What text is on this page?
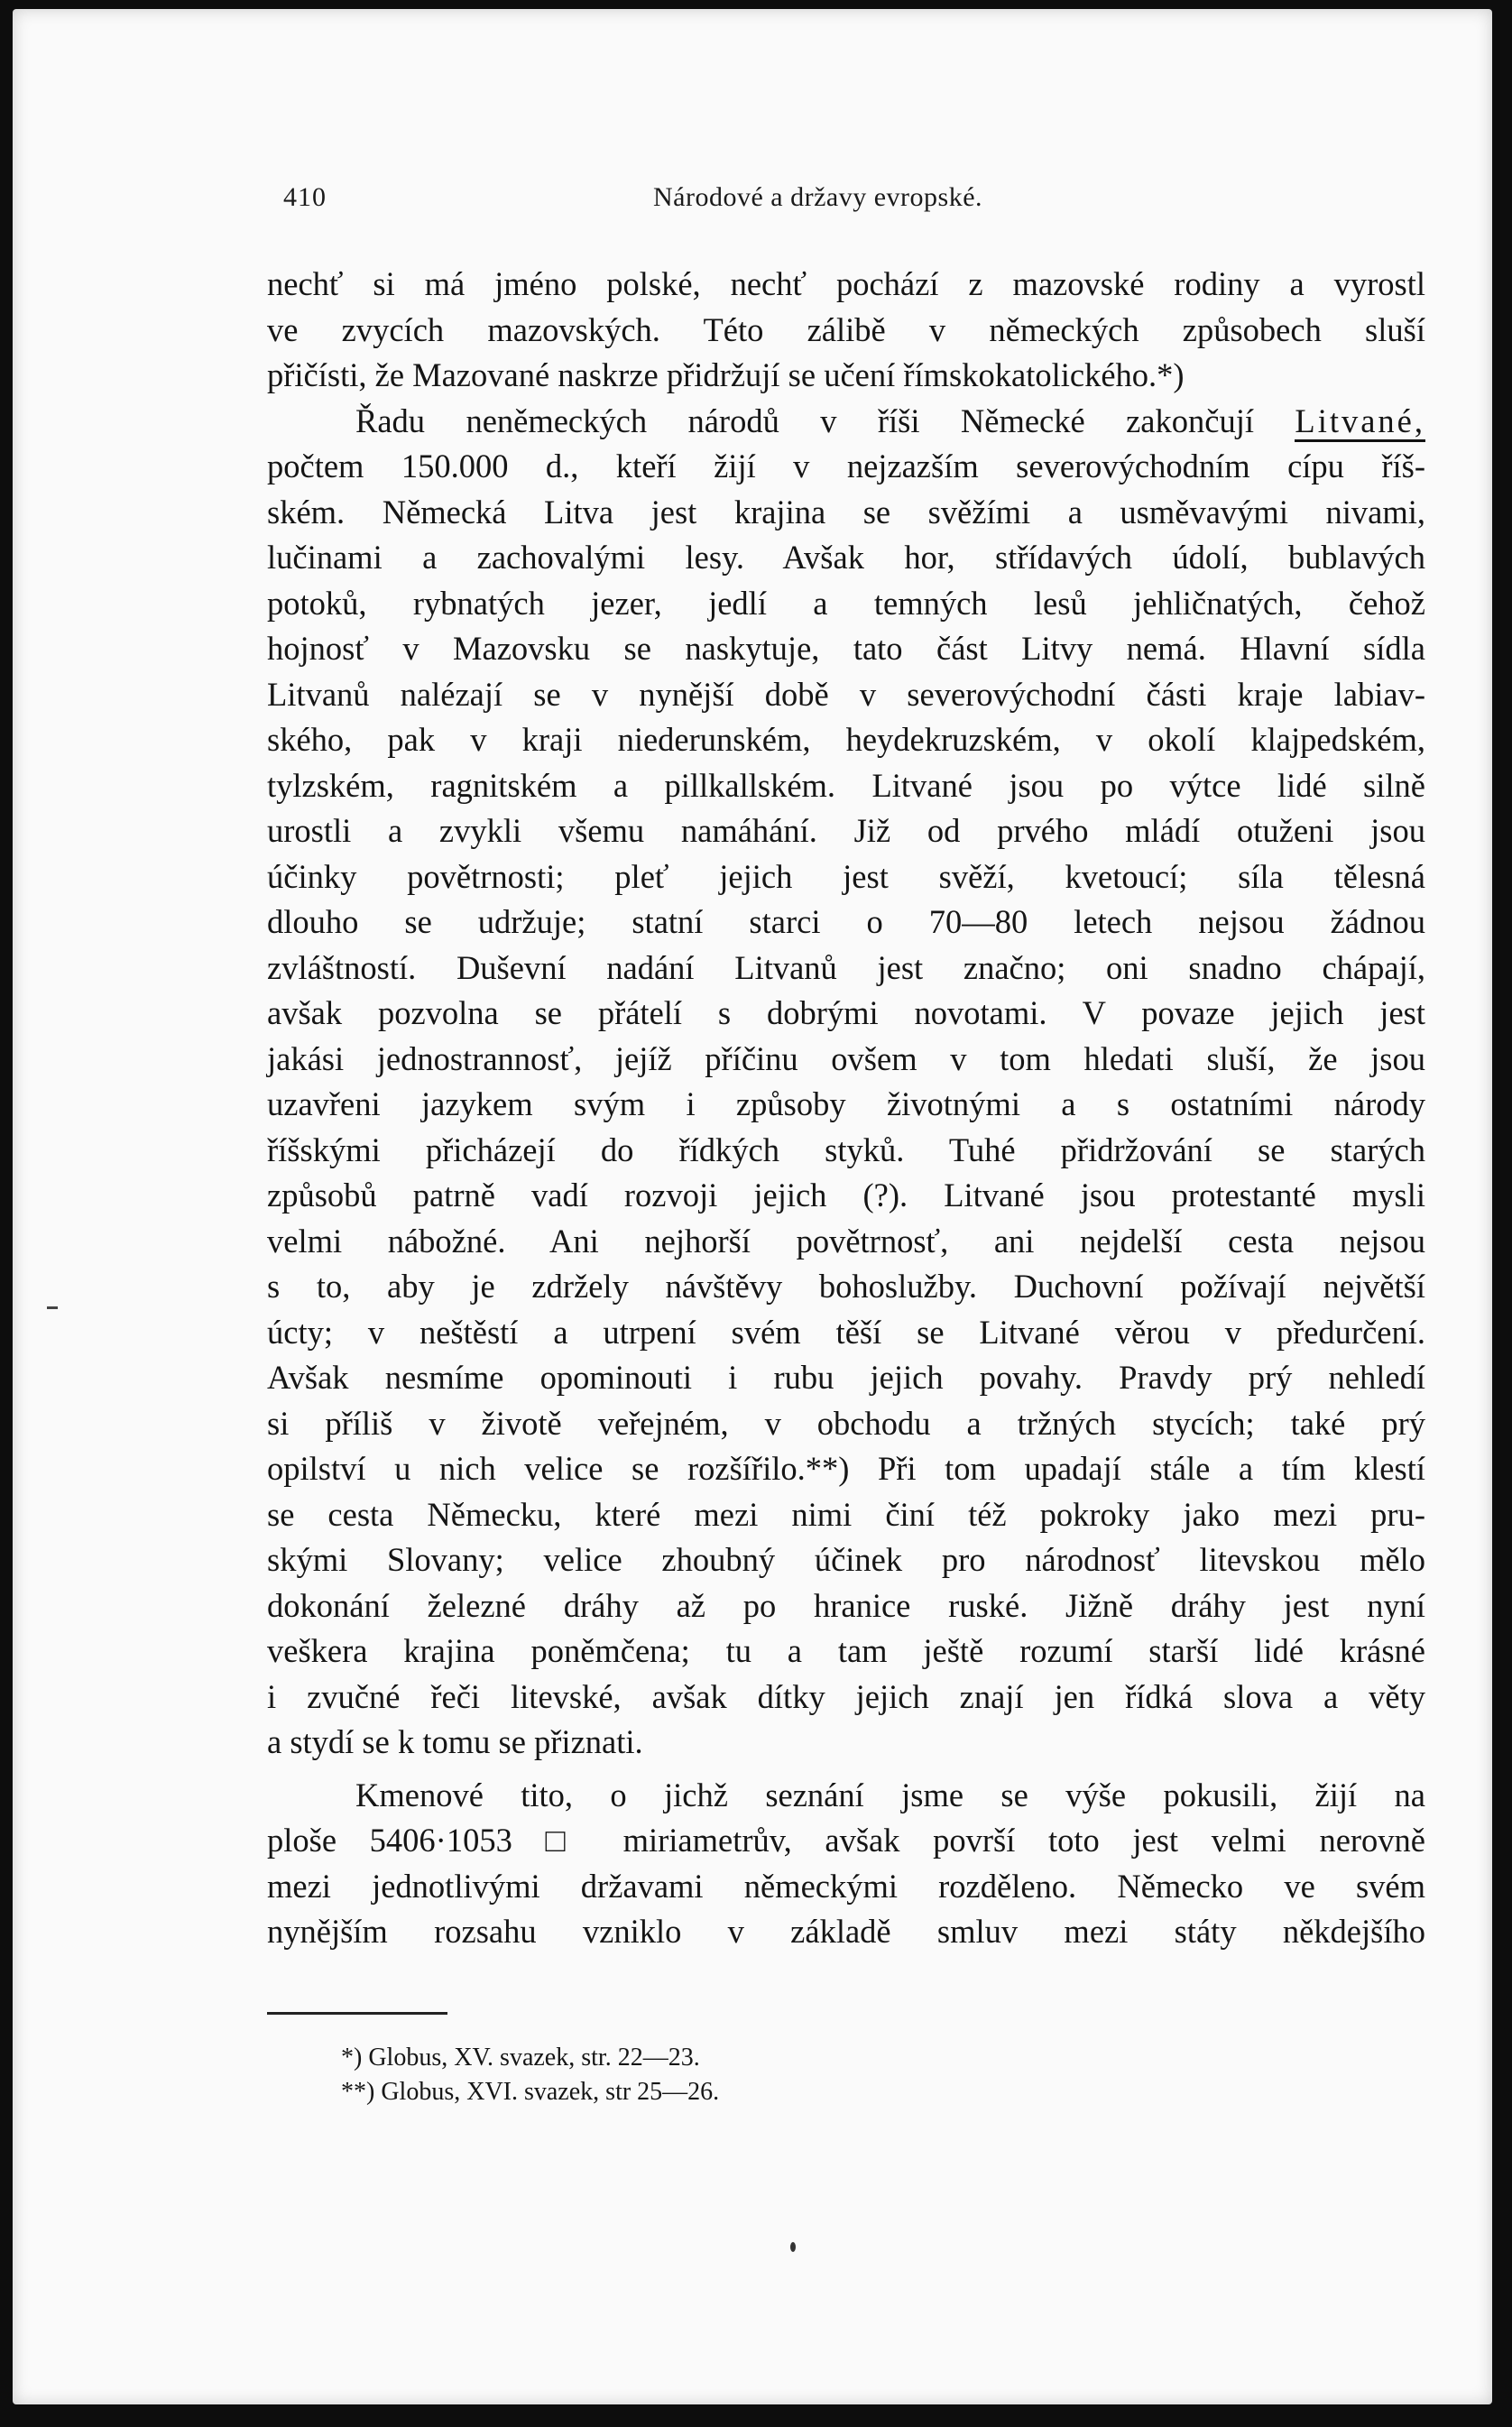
410	Národové a državy evropské.
nechť si má jméno polské, nechť pochází z mazovské rodiny a vyrostl
ve zvycích mazovských. Této zálibě v německých způsobech sluší
přičísti, že Mazované naskrze přidržují se učení římskokatolického.*)
Řadu neněmeckých národů v říši Německé zakončují Litvané,
počtem 150.000 d., kteří žijí v nejzazším severovýchodním cípu říš-
ském. Německá Litva jest krajina se svěžími a usměvavými nivami,
lučinami a zachovalými lesy. Avšak hor, střídavých údolí, bublavých
potoků, rybnatých jezer, jedlí a temných lesů jehličnatých, čehož
hojnosť v Mazovsku se naskytuje, tato část Litvy nemá. Hlavní sídla
Litvanů nalézají se v nynější době v severovýchodní části kraje labiav-
ského, pak v kraji niederunském, heydekruzském, v okolí klajpedském,
tylzském, ragnitském a pillkallském. Litvané jsou po výtce lidé silně
urostli a zvykli všemu namáhání. Již od prvého mládí otuženi jsou
účinky povětrnosti; pleť jejich jest svěží, kvetoucí; síla tělesná
dlouho se udržuje; statní starci o 70—80 letech nejsou žádnou
zvláštností. Duševní nadání Litvanů jest značno; oni snadno chápají,
avšak pozvolna se přátelí s dobrými novotami. V povaze jejich jest
jakási jednostrannosť, jejíž příčinu ovšem v tom hledati sluší, že jsou
uzavřeni jazykem svým i způsoby životnými a s ostatními národy
říšskými přicházejí do řídkých styků. Tuhé přidržování se starých
způsobů patrně vadí rozvoji jejich (?). Litvané jsou protestanté mysli
velmi nábožné. Ani nejhorší povětrnosť, ani nejdelší cesta nejsou
s to, aby je zdržely návštěvy bohoslužby. Duchovní požívají největší
úcty; v neštěstí a utrpení svém těší se Litvané věrou v předurčení.
Avšak nesmíme opominouti i rubu jejich povahy. Pravdy prý nehledí
si příliš v životě veřejném, v obchodu a tržných stycích; také prý
opilství u nich velice se rozšířilo.**) Při tom upadají stále a tím klestí
se cesta Německu, které mezi nimi činí též pokroky jako mezi pru-
skými Slovany; velice zhoubný účinek pro národnosť litevskou mělo
dokonání železné dráhy až po hranice ruské. Jižně dráhy jest nyní
veškera krajina poněmčena; tu a tam ještě rozumí starší lidé krásné
i zvučné řeči litevské, avšak dítky jejich znají jen řídká slova a věty
a stydí se k tomu se přiznati.
Kmenové tito, o jichž seznání jsme se výše pokusili, žijí na
ploše 5406·1053 □ miriametrův, avšak površí toto jest velmi nerovně
mezi jednotlivými državami německými rozděleno. Německo ve svém
nynějším rozsahu vzniklo v základě smluv mezi státy někdejšího
*) Globus, XV. svazek, str. 22—23.
**) Globus, XVI. svazek, str 25—26.
